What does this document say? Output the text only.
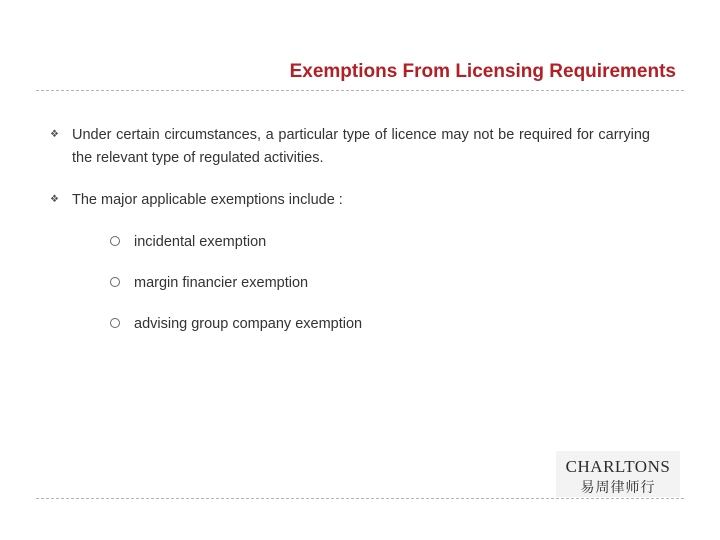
Exemptions From Licensing Requirements
❖ Under certain circumstances, a particular type of licence may not be required for carrying the relevant type of regulated activities.
❖ The major applicable exemptions include :
incidental exemption
margin financier exemption
advising group company exemption
CHARLTONS
易周律师行
